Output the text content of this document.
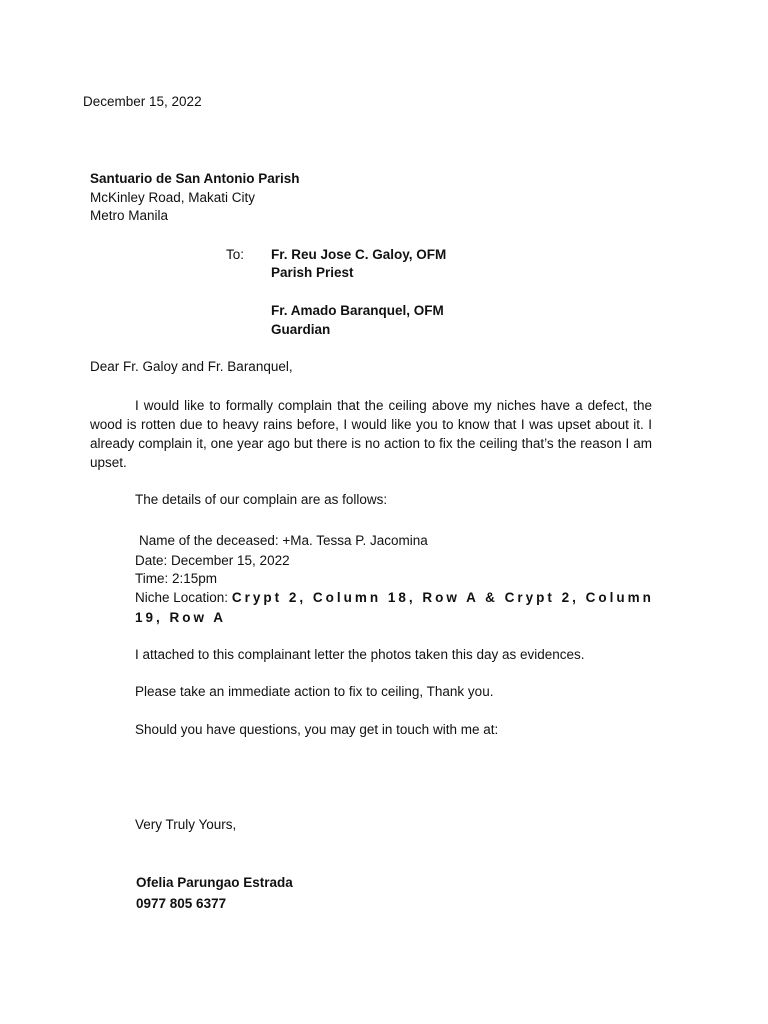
December 15, 2022
Santuario de San Antonio Parish
McKinley Road, Makati City
Metro Manila
To: Fr. Reu Jose C. Galoy, OFM
Parish Priest
Fr. Amado Baranquel, OFM
Guardian
Dear Fr. Galoy and Fr. Baranquel,
I would like to formally complain that the ceiling above my niches have a defect, the wood is rotten due to heavy rains before, I would like you to know that I was upset about it. I already complain it, one year ago but there is no action to fix the ceiling that’s the reason I am upset.
The details of our complain are as follows:
Name of the deceased: +Ma. Tessa P. Jacomina
Date: December 15, 2022
Time: 2:15pm
Niche Location: Crypt 2, Column 18, Row A & Crypt 2, Column 19, Row A
I attached to this complainant letter the photos taken this day as evidences.
Please take an immediate action to fix to ceiling, Thank you.
Should you have questions, you may get in touch with me at:
Very Truly Yours,
Ofelia Parungao Estrada
0977 805 6377
